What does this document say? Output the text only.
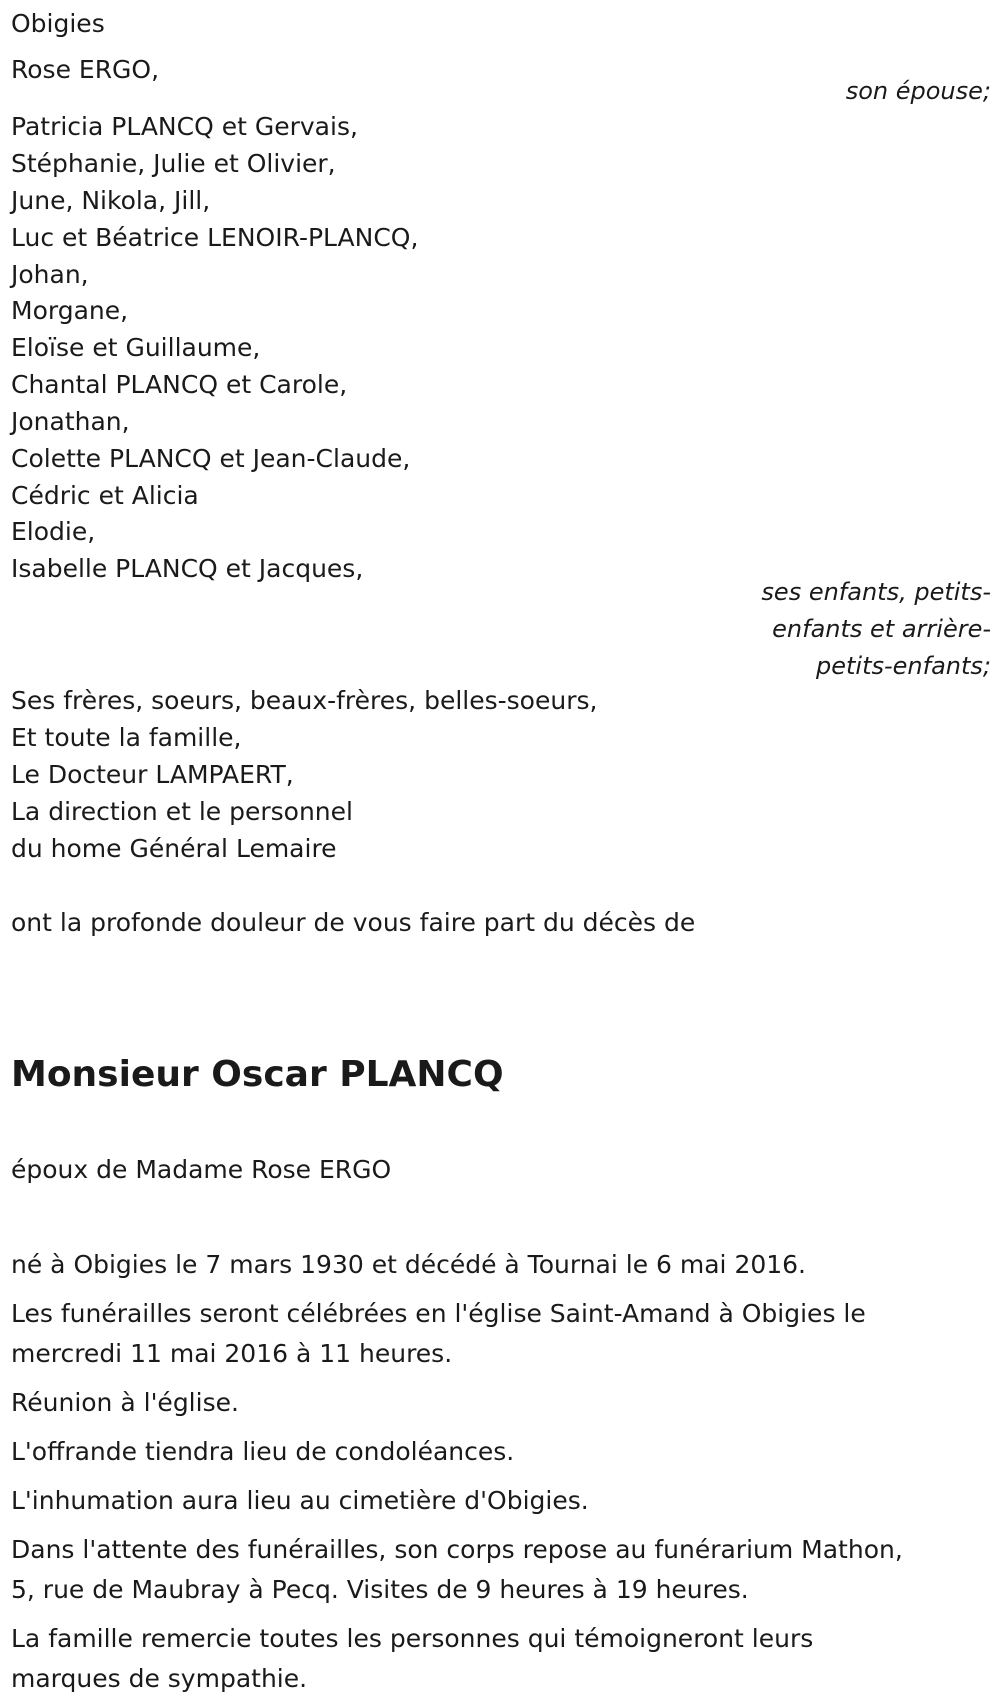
Obigies
Rose ERGO,
son épouse;
Patricia PLANCQ et Gervais,
Stéphanie, Julie et Olivier,
June, Nikola, Jill,
Luc et Béatrice LENOIR-PLANCQ,
Johan,
Morgane,
Eloïse et Guillaume,
Chantal PLANCQ et Carole,
Jonathan,
Colette PLANCQ et Jean-Claude,
Cédric et Alicia
Elodie,
Isabelle PLANCQ et Jacques,
ses enfants, petits-
enfants et arrière-
petits-enfants;
Ses frères, soeurs, beaux-frères, belles-soeurs,
Et toute la famille,
Le Docteur LAMPAERT,
La direction et le personnel
du home Général Lemaire
ont la profonde douleur de vous faire part du décès de
Monsieur Oscar PLANCQ
époux de Madame Rose ERGO
né à Obigies le 7 mars 1930 et décédé à Tournai le 6 mai 2016.
Les funérailles seront célébrées en l'église Saint-Amand à Obigies le
mercredi 11 mai 2016 à 11 heures.
Réunion à l'église.
L'offrande tiendra lieu de condoléances.
L'inhumation aura lieu au cimetière d'Obigies.
Dans l'attente des funérailles, son corps repose au funérarium Mathon,
5, rue de Maubray à Pecq. Visites de 9 heures à 19 heures.
La famille remercie toutes les personnes qui témoigneront leurs
marques de sympathie.
